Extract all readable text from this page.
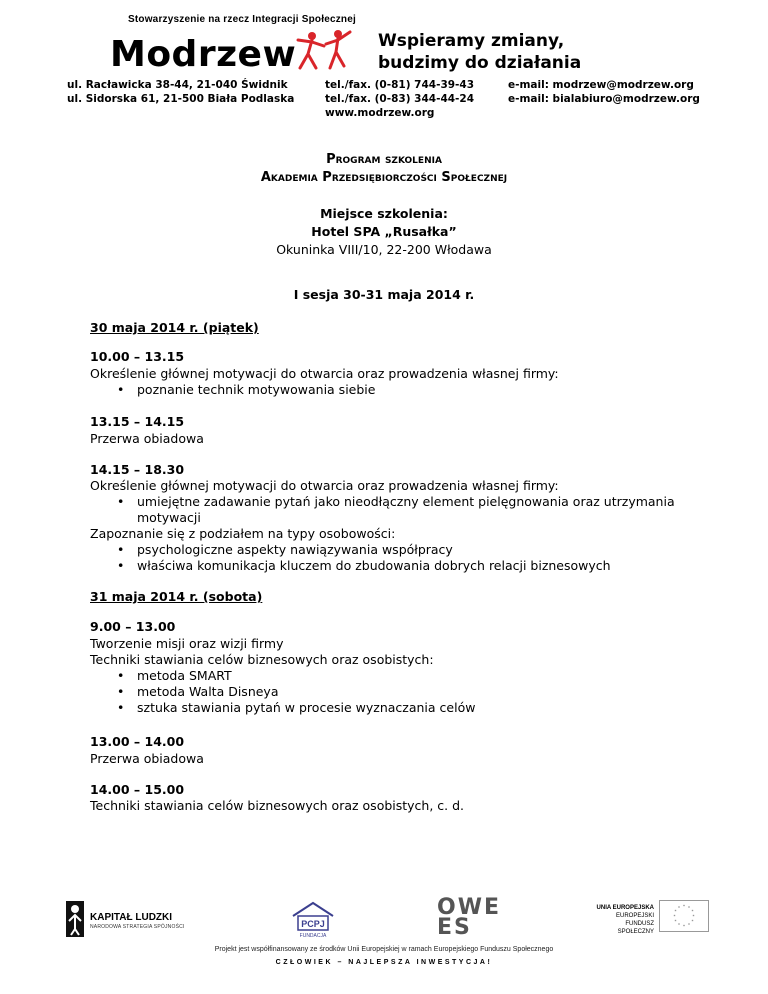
Stowarzyszenie na rzecz Integracji Społecznej
Modrzew	Wspieramy zmiany,
budzimy do działania
ul. Racławicka 38-44, 21-040 Świdnik
ul. Sidorska 61, 21-500 Biała Podlaska
tel./fax. (0-81) 744-39-43
tel./fax. (0-83) 344-44-24
www.modrzew.org
e-mail: modrzew@modrzew.org
e-mail: bialabiuro@modrzew.org
Program szkolenia
Akademia Przedsiębiorczości Społecznej
Miejsce szkolenia:
Hotel SPA „Rusałka”
Okuninka VIII/10, 22-200 Włodawa
I sesja 30-31 maja 2014 r.
30 maja 2014 r. (piątek)
10.00 – 13.15
Określenie głównej motywacji do otwarcia oraz prowadzenia własnej firmy:
• poznanie technik motywowania siebie
13.15 – 14.15
Przerwa obiadowa
14.15 – 18.30
Określenie głównej motywacji do otwarcia oraz prowadzenia własnej firmy:
• umiejętne zadawanie pytań jako nieodłączny element pielęgnowania oraz utrzymania
motywacji
Zapoznanie się z podziałem na typy osobowości:
• psychologiczne aspekty nawiązywania współpracy
• właściwa komunikacja kluczem do zbudowania dobrych relacji biznesowych
31 maja 2014 r. (sobota)
9.00 – 13.00
Tworzenie misji oraz wizji firmy
Techniki stawiania celów biznesowych oraz osobistych:
• metoda SMART
• metoda Walta Disneya
• sztuka stawiania pytań w procesie wyznaczania celów
13.00 – 14.00
Przerwa obiadowa
14.00 – 15.00
Techniki stawiania celów biznesowych oraz osobistych, c. d.
KAPITAŁ LUDZKI
NARODOWA STRATEGIA SPÓJNOŚCI	PCPJ
FUNDACJA
OWE
ES
UNIA EUROPEJSKA
EUROPEJSKI
FUNDUSZ SPOŁECZNY
* *
*
*
*
*
*
*
*
*
*
*
Projekt jest współfinansowany ze środków Unii Europejskiej w ramach Europejskiego Funduszu Społecznego
CZŁOWIEK – NAJLEPSZA INWESTYCJA!
